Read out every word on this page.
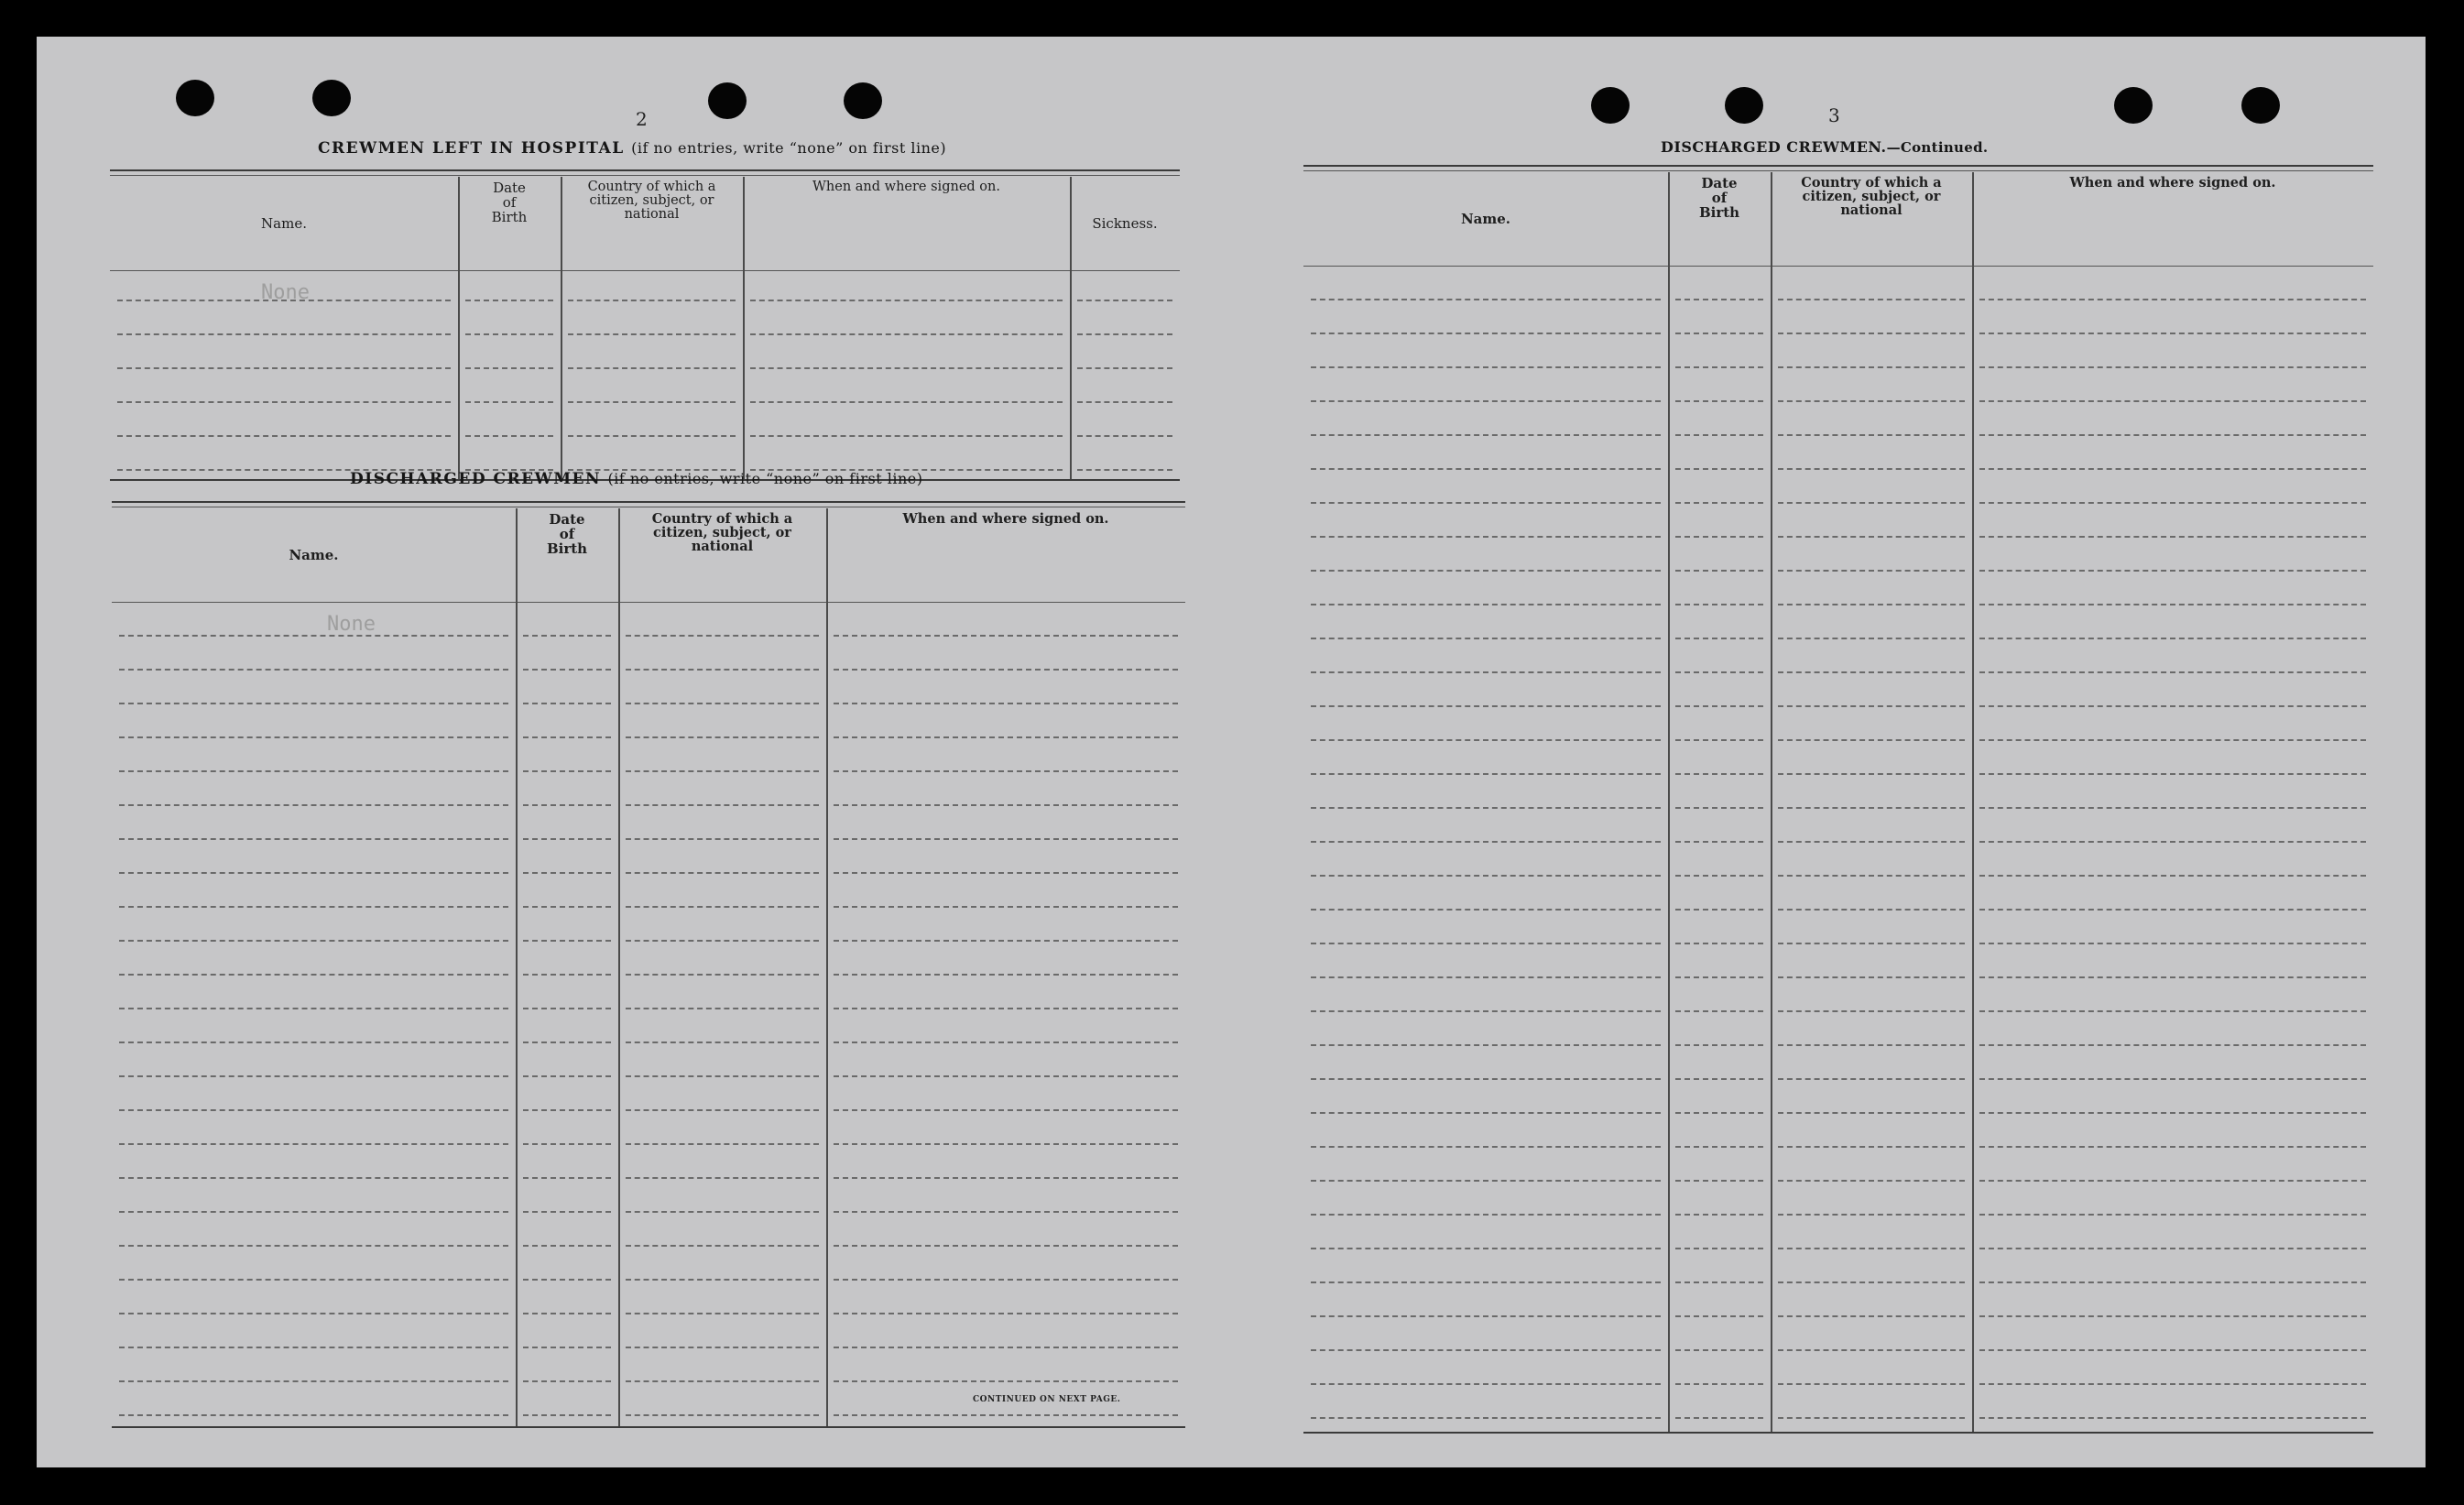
2
CREWMEN LEFT IN HOSPITAL (if no entries, write “none” on first line)
Name.
Date of Birth
Country of which a citizen, subject, or national
When and where signed on.
Sickness.
None
DISCHARGED CREWMEN (if no entries, write “none” on first line)
Name.
Date of Birth
Country of which a citizen, subject, or national
When and where signed on.
None
CONTINUED ON NEXT PAGE.
3
DISCHARGED CREWMEN.—Continued.
Name.
Date of Birth
Country of which a citizen, subject, or national
When and where signed on.
